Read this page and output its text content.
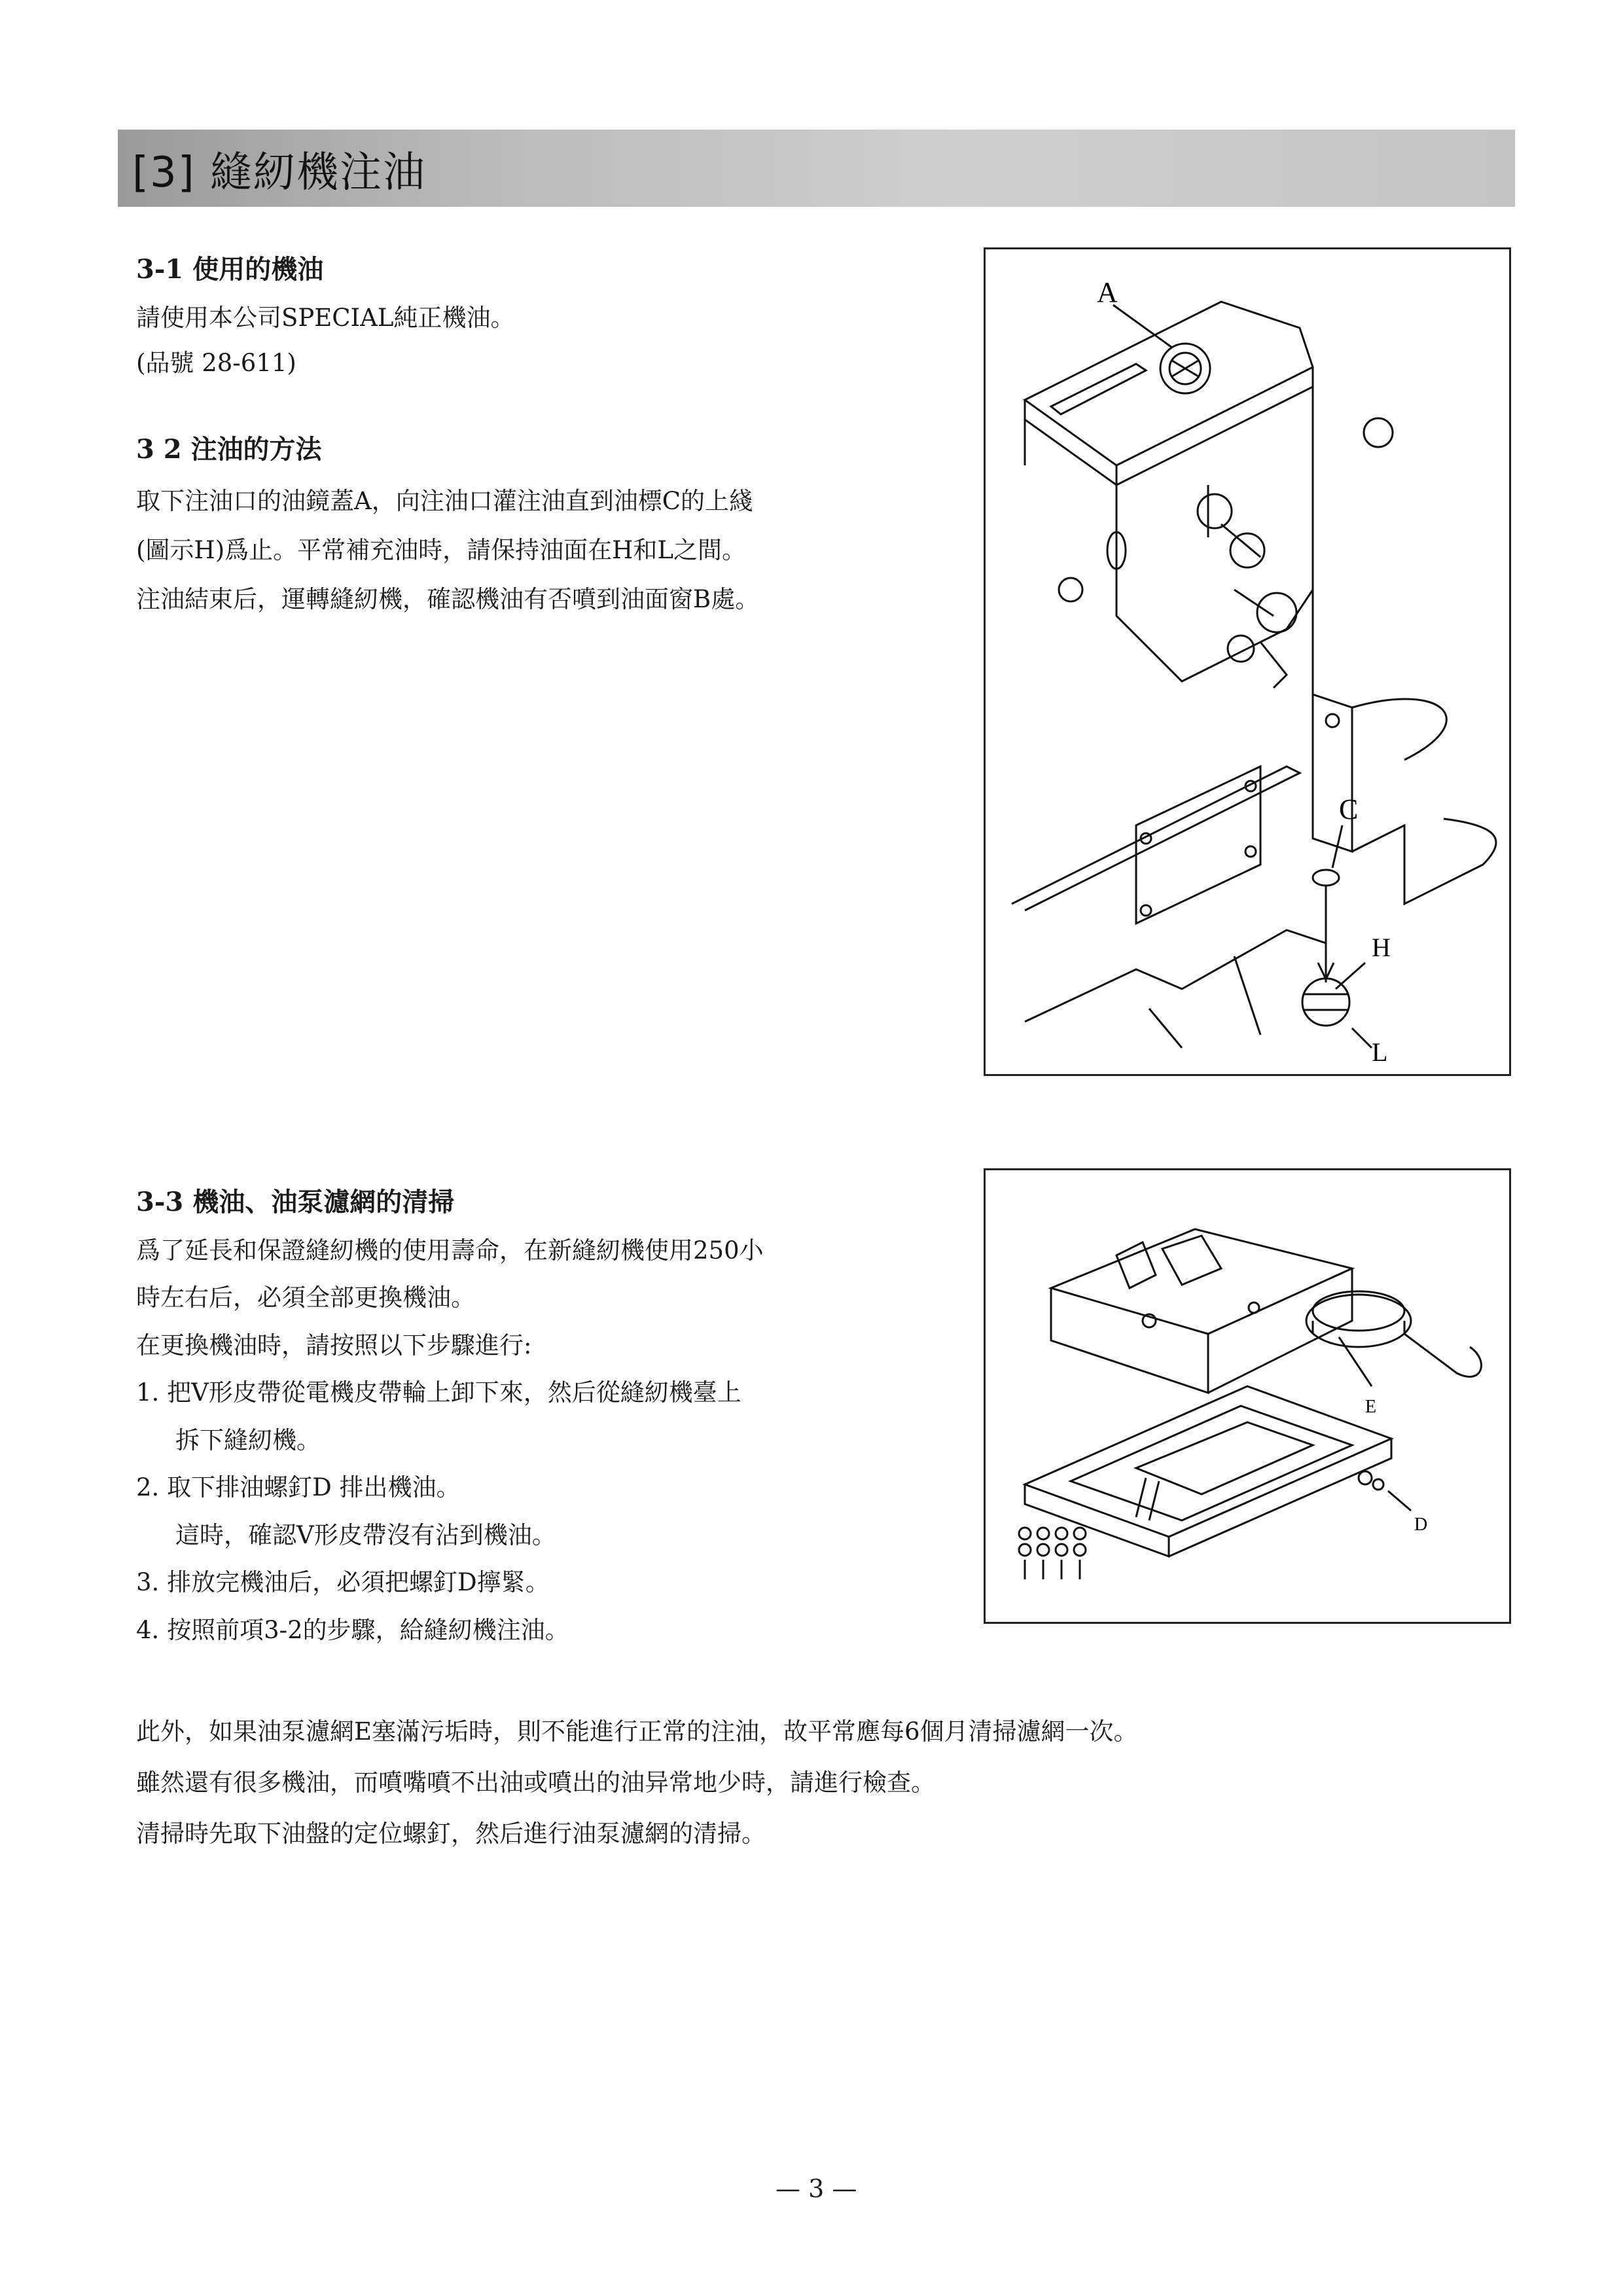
[3] 縫紉機注油
3-1 使用的機油
請使用本公司SPECIAL純正機油。
(品號 28-611)
3 2 注油的方法
取下注油口的油鏡蓋A，向注油口灌注油直到油標C的上綫
(圖示H)爲止。平常補充油時，請保持油面在H和L之間。
注油結束后，運轉縫紉機，確認機油有否噴到油面窗B處。
A
C
H
L
3-3 機油、油泵濾網的清掃
爲了延長和保證縫紉機的使用壽命，在新縫紉機使用250小
時左右后，必須全部更換機油。
在更換機油時，請按照以下步驟進行:
1. 把V形皮帶從電機皮帶輪上卸下來，然后從縫紉機臺上
拆下縫紉機。
2. 取下排油螺釘D 排出機油。
這時，確認V形皮帶沒有沾到機油。
3. 排放完機油后，必須把螺釘D擰緊。
4. 按照前項3-2的步驟，給縫紉機注油。
E
D
此外，如果油泵濾網E塞滿污垢時，則不能進行正常的注油，故平常應每6個月清掃濾網一次。
雖然還有很多機油，而噴嘴噴不出油或噴出的油异常地少時，請進行檢查。
清掃時先取下油盤的定位螺釘，然后進行油泵濾網的清掃。
— 3 —
